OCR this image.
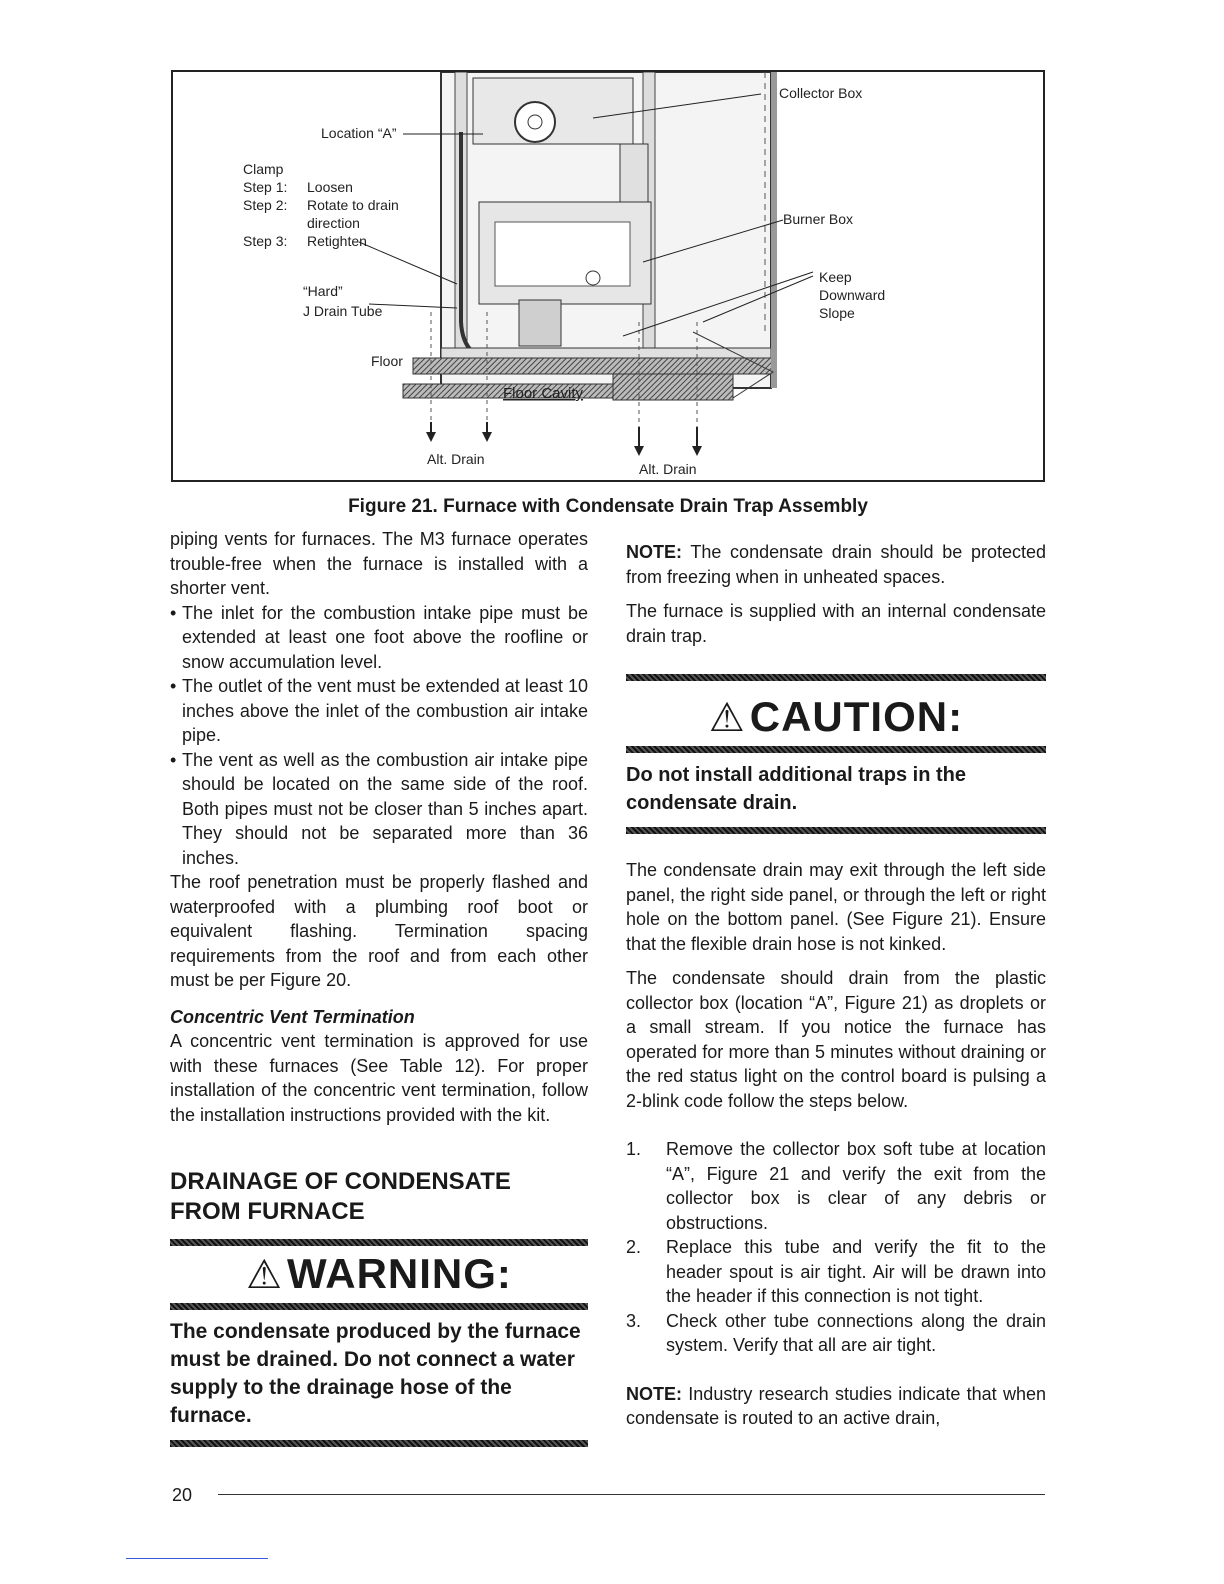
Location “A”
Clamp
Step 1: Loosen
Step 2: Rotate to drain
direction
Step 3: Retighten
“Hard”
J Drain Tube
Floor
Floor Cavity
Alt. Drain
Alt. Drain
Collector Box
Burner Box
Keep
Downward
Slope
Figure 21. Furnace with Condensate Drain Trap Assembly

piping vents for furnaces. The M3 furnace operates trouble-free when the furnace is installed with a shorter vent.

• The inlet for the combustion intake pipe must be extended at least one foot above the roofline or snow accumulation level.
• The outlet of the vent must be extended at least 10 inches above the inlet of the combustion air intake pipe.
• The vent as well as the combustion air intake pipe should be located on the same side of the roof. Both pipes must not be closer than 5 inches apart. They should not be separated more than 36 inches.

The roof penetration must be properly flashed and waterproofed with a plumbing roof boot or equivalent flashing. Termination spacing requirements from the roof and from each other must be per Figure 20.

Concentric Vent Termination

A concentric vent termination is approved for use with these furnaces (See Table 12). For proper installation of the concentric vent termination, follow the installation instructions provided with the kit.

DRAINAGE OF CONDENSATE
FROM FURNACE

⚠WARNING:

The condensate produced by the furnace must be drained. Do not connect a water supply to the drainage hose of the furnace.

NOTE: The condensate drain should be protected from freezing when in unheated spaces.

The furnace is supplied with an internal condensate drain trap.

⚠CAUTION:

Do not install additional traps in the condensate drain.

The condensate drain may exit through the left side panel, the right side panel, or through the left or right hole on the bottom panel. (See Figure 21). Ensure that the flexible drain hose is not kinked.

The condensate should drain from the plastic collector box (location “A”, Figure 21) as droplets or a small stream. If you notice the furnace has operated for more than 5 minutes without draining or the red status light on the control board is pulsing a 2-blink code follow the steps below.

1. Remove the collector box soft tube at location “A”, Figure 21 and verify the exit from the collector box is clear of any debris or obstructions.
2. Replace this tube and verify the fit to the header spout is air tight. Air will be drawn into the header if this connection is not tight.
3. Check other tube connections along the drain system. Verify that all are air tight.

NOTE: Industry research studies indicate that when condensate is routed to an active drain,

20
